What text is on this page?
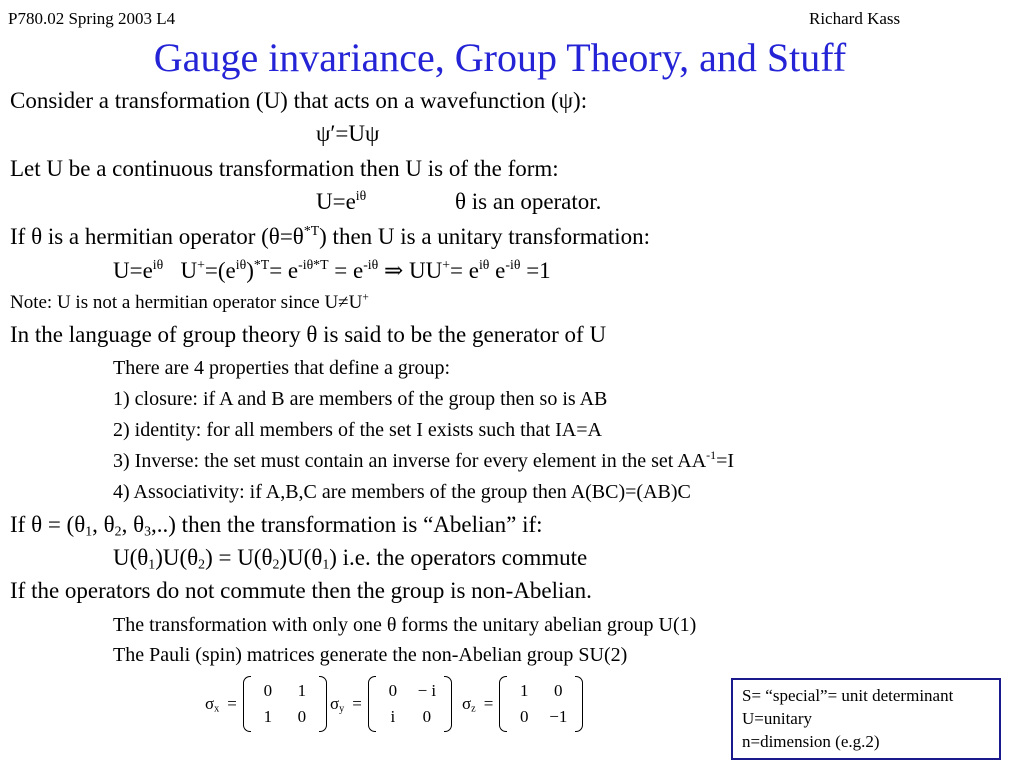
P780.02 Spring 2003 L4	Richard Kass
Gauge invariance, Group Theory, and Stuff
Consider a transformation (U) that acts on a wavefunction (ψ):
ψ′=Uψ
Let U be a continuous transformation then U is of the form:
$U=e^{i\theta}$	θ is an operator.
If θ is a hermitian operator $(\theta=\theta^{*T})$ then U is a unitary transformation:
$U=e^{i\theta}$ $U^+=(e^{i\theta})^{*T}= e^{-i\theta*T} = e^{-i\theta}$ ⇒ $UU^+= e^{i\theta}$ $e^{-i\theta} =1$
Note: U is not a hermitian operator since U≠U+
In the language of group theory θ is said to be the generator of U
There are 4 properties that define a group:
1) closure: if A and B are members of the group then so is AB
2) identity: for all members of the set I exists such that IA=A
3) Inverse: the set must contain an inverse for every element in the set $AA^{-1}=I$
4) Associativity: if A,B,C are members of the group then A(BC)=(AB)C
If $\theta = (\theta_1$, $\theta_2$, $\theta_3$,..) then the transformation is “Abelian” if:
$U(\theta_1)U(\theta_2) = U(\theta_2)U(\theta_1)$ i.e. the operators commute
If the operators do not commute then the group is non-Abelian.
The transformation with only one θ forms the unitary abelian group U(1)
The Pauli (spin) matrices generate the non-Abelian group SU(2)
$\sigma_x$ =
0	1
1	0
$\sigma_y$ =
0	− i
i	0
$\sigma_z$ =
1	0
0	−1
S= “special”= unit determinant
U=unitary
n=dimension (e.g.2)
